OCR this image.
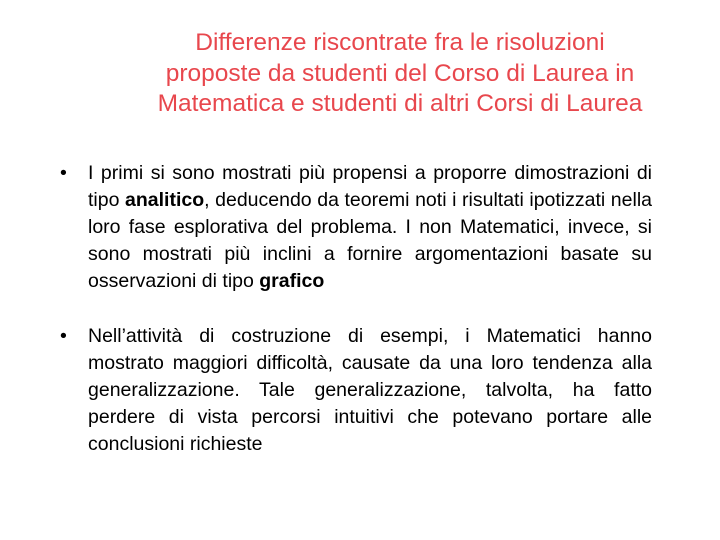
Differenze riscontrate fra le risoluzioni
proposte da studenti del Corso di Laurea in
Matematica e studenti di altri Corsi di Laurea
•	I primi si sono mostrati più propensi a proporre dimostrazioni di tipo analitico, deducendo da teoremi noti i risultati ipotizzati nella loro fase esplorativa del problema. I non Matematici, invece, si sono mostrati più inclini a fornire argomentazioni basate su osservazioni di tipo grafico
•	Nell’attività di costruzione di esempi, i Matematici hanno mostrato maggiori difficoltà, causate da una loro tendenza alla generalizzazione. Tale generalizzazione, talvolta, ha fatto perdere di vista percorsi intuitivi che potevano portare alle conclusioni richieste
